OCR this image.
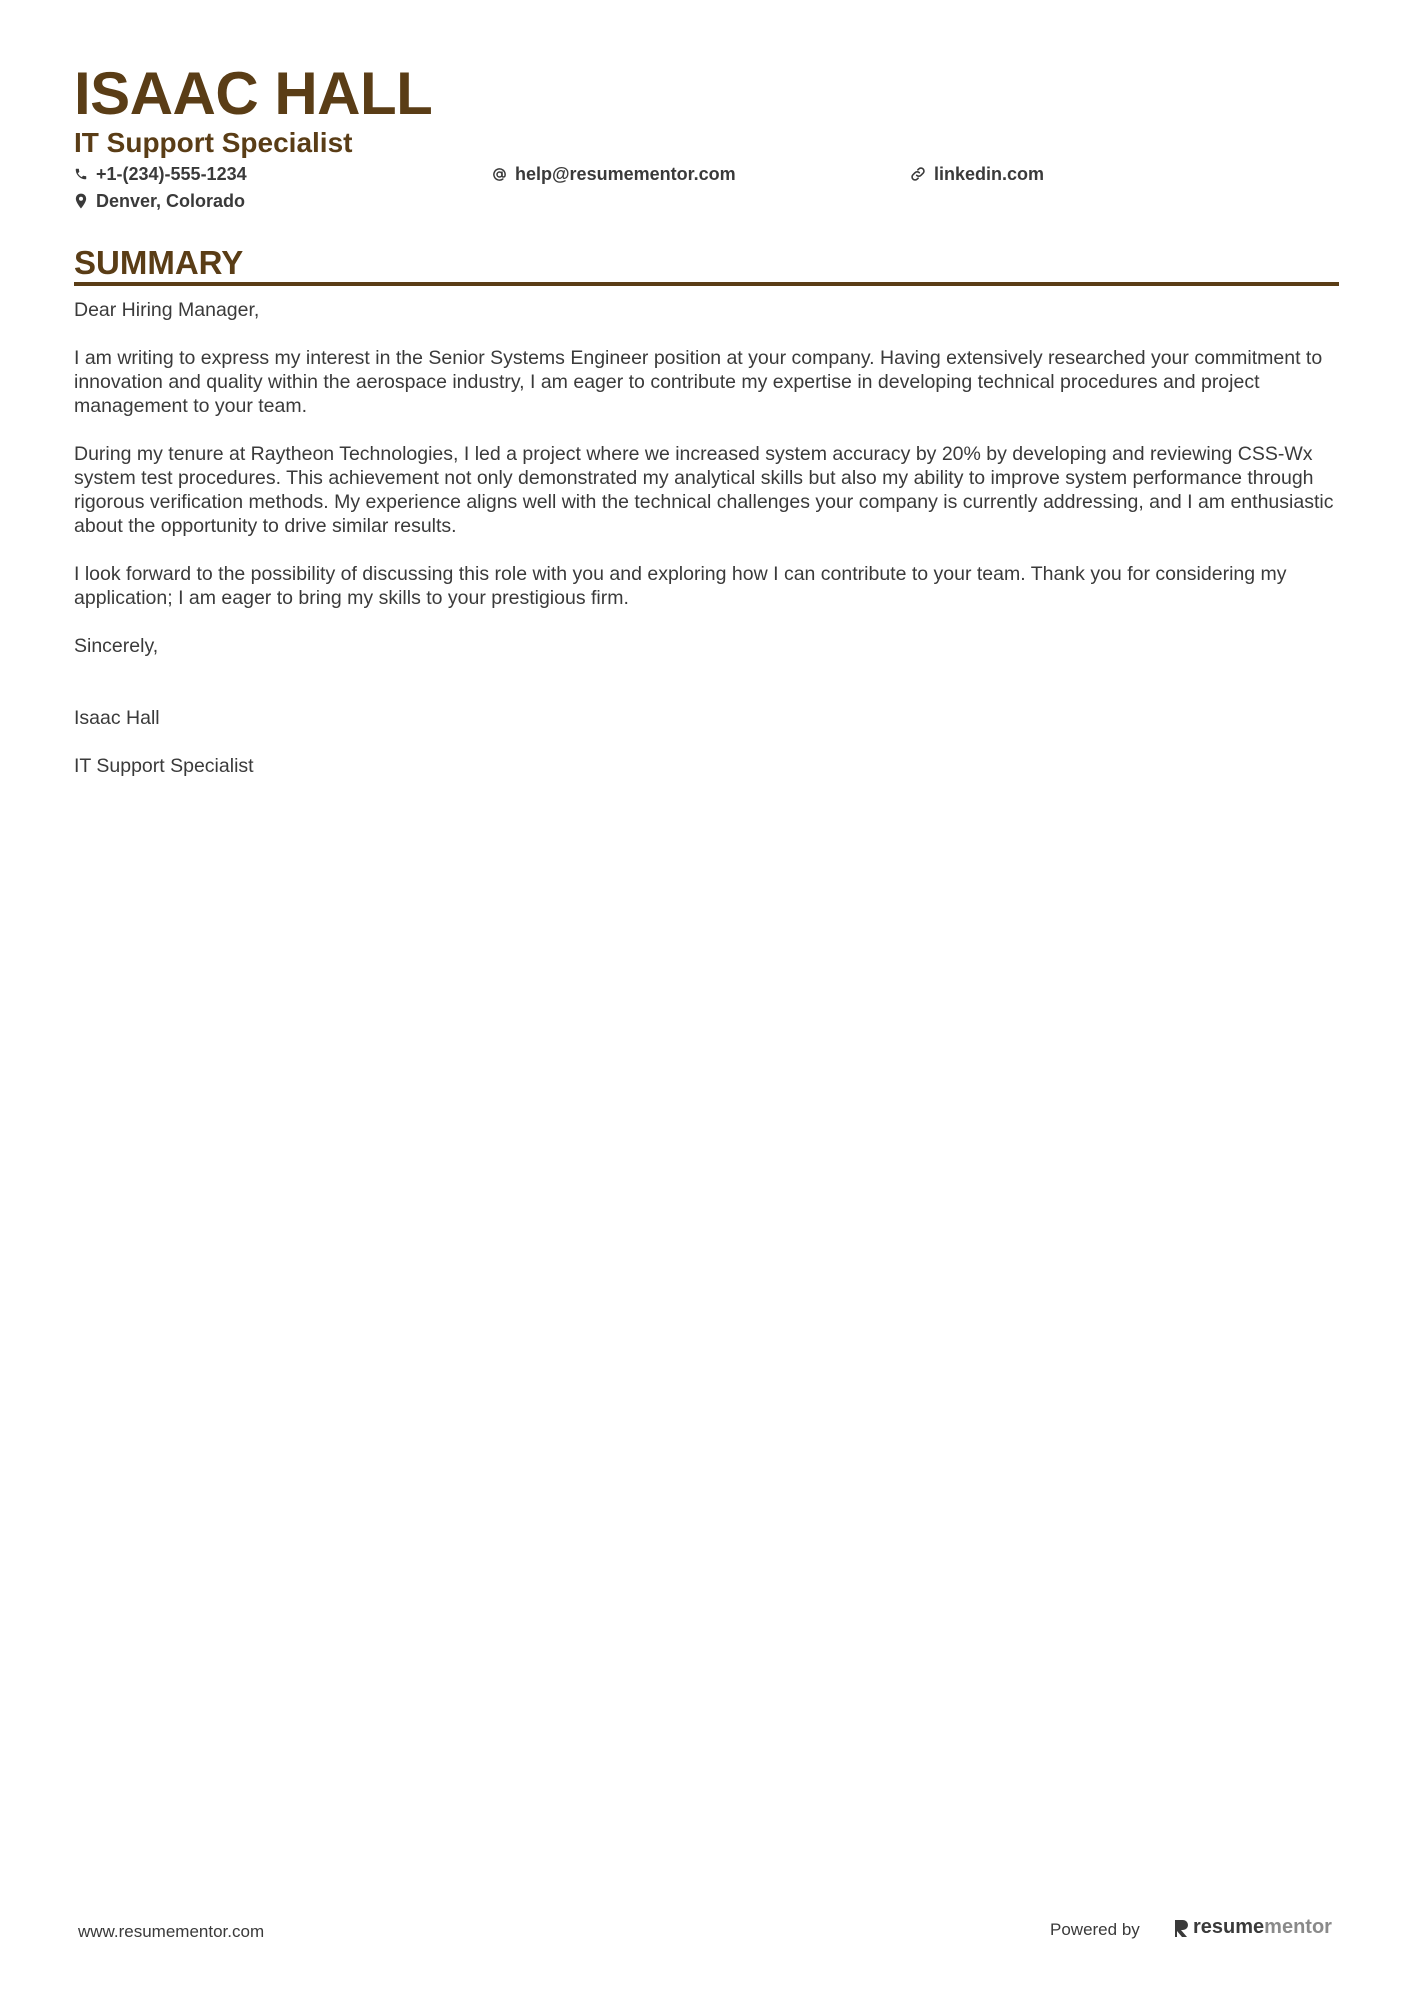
ISAAC HALL
IT Support Specialist
+1-(234)-555-1234	help@resumementor.com	linkedin.com
Denver, Colorado
SUMMARY

Dear Hiring Manager,

I am writing to express my interest in the Senior Systems Engineer position at your company. Having extensively researched your commitment to innovation and quality within the aerospace industry, I am eager to contribute my expertise in developing technical procedures and project management to your team.

During my tenure at Raytheon Technologies, I led a project where we increased system accuracy by 20% by developing and reviewing CSS-Wx system test procedures. This achievement not only demonstrated my analytical skills but also my ability to improve system performance through rigorous verification methods. My experience aligns well with the technical challenges your company is currently addressing, and I am enthusiastic about the opportunity to drive similar results.

I look forward to the possibility of discussing this role with you and exploring how I can contribute to your team. Thank you for considering my application; I am eager to bring my skills to your prestigious firm.

Sincerely,

Isaac Hall

IT Support Specialist

www.resumementor.com	Powered by	resumementor
